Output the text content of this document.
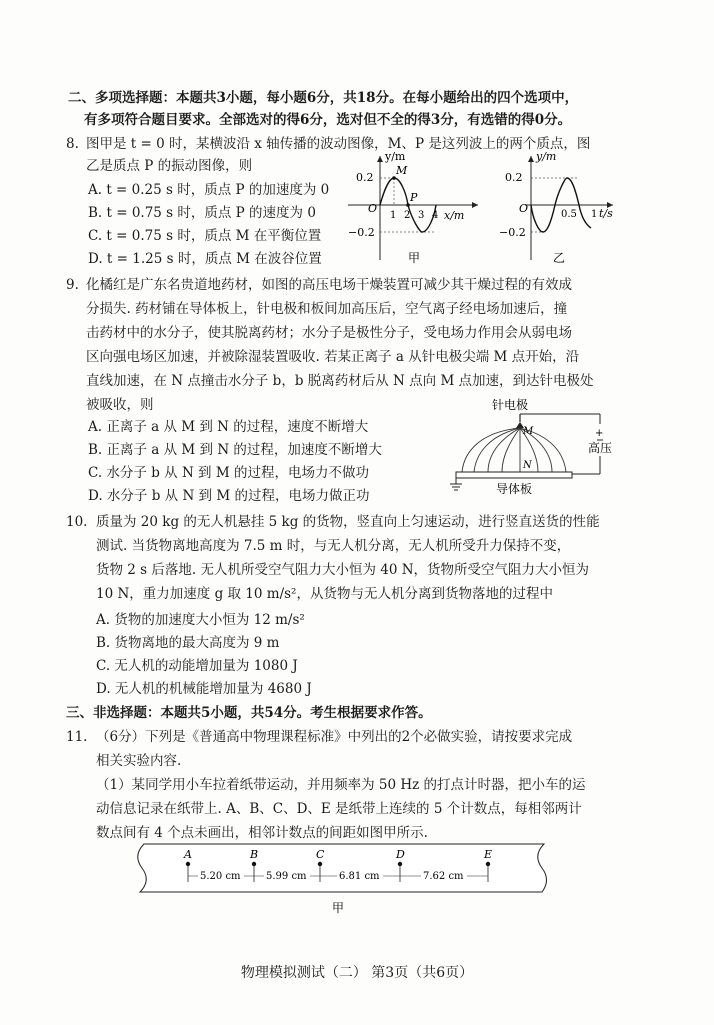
二、多项选择题：本题共3小题，每小题6分，共18分。在每小题给出的四个选项中，
有多项符合题目要求。全部选对的得6分，选对但不全的得3分，有选错的得0分。
8. 图甲是 t = 0 时，某横波沿 x 轴传播的波动图像，M、P 是这列波上的两个质点，图
乙是质点 P 的振动图像，则
A. t = 0.25 s 时，质点 P 的加速度为 0
B. t = 0.75 s 时，质点 P 的速度为 0
C. t = 0.75 s 时，质点 M 在平衡位置
D. t = 1.25 s 时，质点 M 在波谷位置
y/m
M
P
0.2
−0.2
O
1 2 3 4 x/m
甲
y/m
0.2
−0.2
O	0.5 1 t/s
乙
9. 化橘红是广东名贵道地药材，如图的高压电场干燥装置可减少其干燥过程的有效成
分损失. 药材铺在导体板上，针电极和板间加高压后，空气离子经电场加速后，撞
击药材中的水分子，使其脱离药材；水分子是极性分子，受电场力作用会从弱电场
区向强电场区加速，并被除湿装置吸收. 若某正离子 a 从针电极尖端 M 点开始，沿
直线加速，在 N 点撞击水分子 b，b 脱离药材后从 N 点向 M 点加速，到达针电极处
被吸收，则
A. 正离子 a 从 M 到 N 的过程，速度不断增大
B. 正离子 a 从 M 到 N 的过程，加速度不断增大
C. 水分子 b 从 N 到 M 的过程，电场力不做功
D. 水分子 b 从 N 到 M 的过程，电场力做正功
针电极
+
高压
M
N
导体板
10. 质量为 20 kg 的无人机悬挂 5 kg 的货物，竖直向上匀速运动，进行竖直送货的性能
测试. 当货物离地高度为 7.5 m 时，与无人机分离，无人机所受升力保持不变，
货物 2 s 后落地. 无人机所受空气阻力大小恒为 40 N，货物所受空气阻力大小恒为
10 N，重力加速度 g 取 10 m/s²，从货物与无人机分离到货物落地的过程中
A. 货物的加速度大小恒为 12 m/s²
B. 货物离地的最大高度为 9 m
C. 无人机的动能增加量为 1080 J
D. 无人机的机械能增加量为 4680 J
三、非选择题：本题共5小题，共54分。考生根据要求作答。
11. （6分）下列是《普通高中物理课程标准》中列出的2个必做实验，请按要求完成
相关实验内容.
（1）某同学用小车拉着纸带运动，并用频率为 50 Hz 的打点计时器，把小车的运
动信息记录在纸带上. A、B、C、D、E 是纸带上连续的 5 个计数点，每相邻两计
数点间有 4 个点未画出，相邻计数点的间距如图甲所示.
A	B	C	D	E
5.20 cm	5.99 cm	6.81 cm	7.62 cm
甲
物理模拟测试（二） 第3页（共6页）
